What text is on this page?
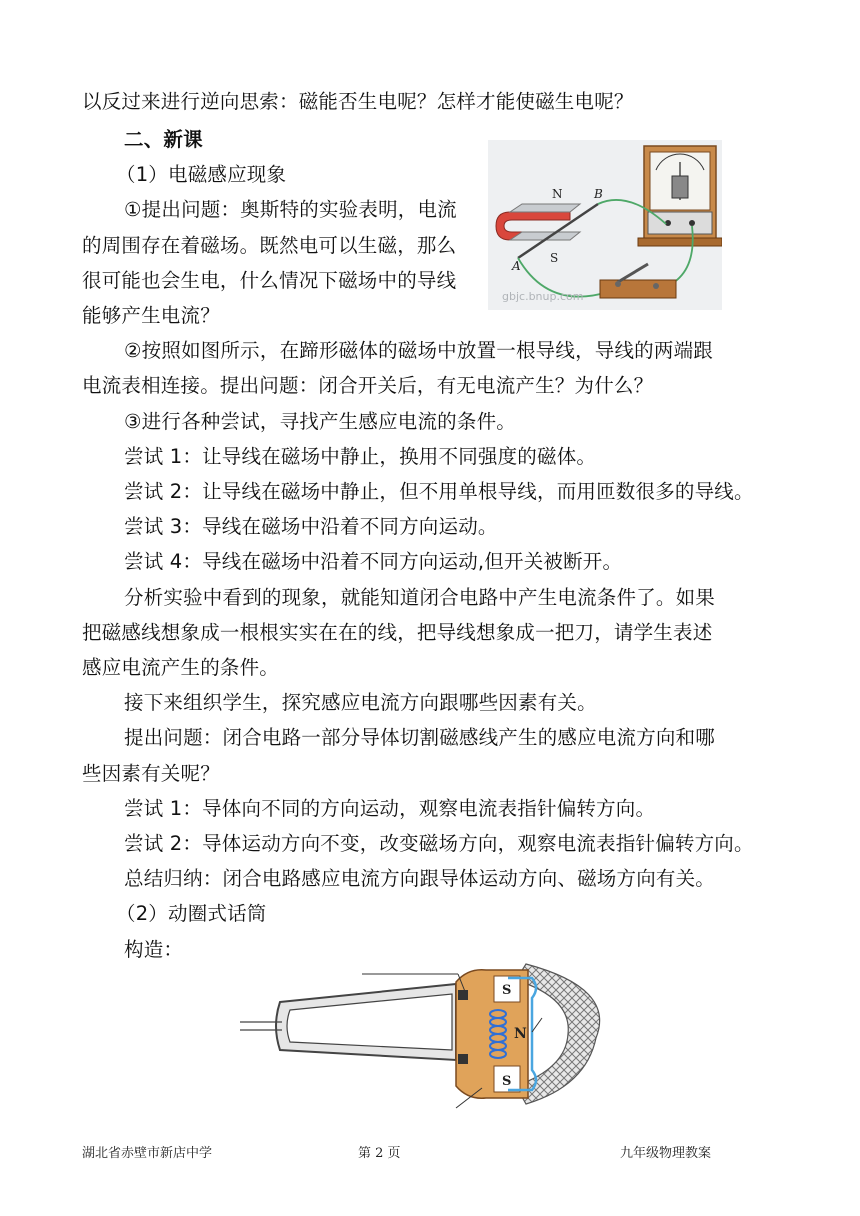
以反过来进行逆向思索：磁能否生电呢？怎样才能使磁生电呢？
二、新课
（1）电磁感应现象
①提出问题：奥斯特的实验表明，电流
的周围存在着磁场。既然电可以生磁，那么
很可能也会生电，什么情况下磁场中的导线
能够产生电流？
②按照如图所示，在蹄形磁体的磁场中放置一根导线，导线的两端跟
电流表相连接。提出问题：闭合开关后，有无电流产生？为什么？
③进行各种尝试，寻找产生感应电流的条件。
尝试 1：让导线在磁场中静止，换用不同强度的磁体。
尝试 2：让导线在磁场中静止，但不用单根导线，而用匝数很多的导线。
尝试 3：导线在磁场中沿着不同方向运动。
尝试 4：导线在磁场中沿着不同方向运动,但开关被断开。
分析实验中看到的现象，就能知道闭合电路中产生电流条件了。如果
把磁感线想象成一根根实实在在的线，把导线想象成一把刀，请学生表述
感应电流产生的条件。
接下来组织学生，探究感应电流方向跟哪些因素有关。
提出问题：闭合电路一部分导体切割磁感线产生的感应电流方向和哪
些因素有关呢？
尝试 1：导体向不同的方向运动，观察电流表指针偏转方向。
尝试 2：导体运动方向不变，改变磁场方向，观察电流表指针偏转方向。
总结归纳：闭合电路感应电流方向跟导体运动方向、磁场方向有关。
（2）动圈式话筒
构造：
N
S
A
B
gbjc.bnup.com
S
N
S
湖北省赤壁市新店中学	第 2 页	九年级物理教案
